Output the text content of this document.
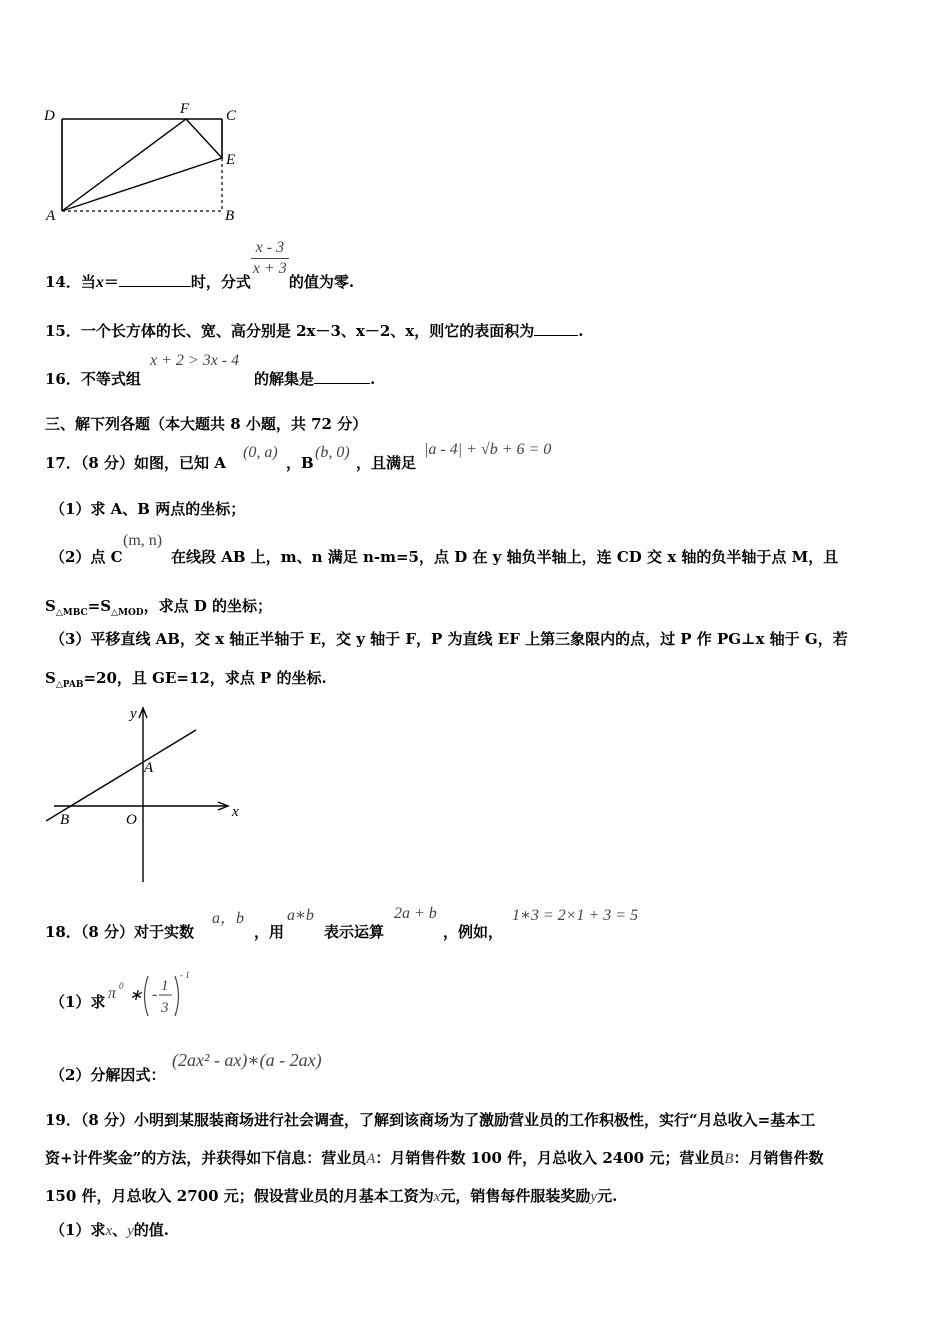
D	F C
E
A	B
14．当x＝	时，分式
$\frac{x - 3}{x + 3}$
的值为零.
15．一个长方体的长、宽、高分别是 2x－3、x－2、x，则它的表面积为	.
16．不等式组
x + 2 > 3x - 4
的解集是	.
三、解下列各题（本大题共 8 小题，共 72 分）
17．（8 分）如图，已知 A
(0, a)
，B
(b, 0)
，且满足
|a - 4| + √b + 6 = 0
（1）求 A、B 两点的坐标；
（2）点 C
(m, n)
在线段 AB 上，m、n 满足 n-m=5，点 D 在 y 轴负半轴上，连 CD 交 x 轴的负半轴于点 M，且
$S_{\triangle MBC}=S_{\triangle MOD}$，求点 D 的坐标；
（3）平移直线 AB，交 x 轴正半轴于 E，交 y 轴于 F，P 为直线 EF 上第三象限内的点，过 P 作 PG⊥x 轴于 G，若
$S_{\triangle PAB}=20$，且 GE=12，求点 P 的坐标.
y
A
x
B	O
18．（8 分）对于实数
a，b
，用
a∗b
表示运算
2a + b
，例如，
1∗3 = 2×1 + 3 = 5
（1）求 π 0
∗ - 1
3
- 1
（2）分解因式：
(2ax² - ax)∗(a - 2ax)
19．（8 分）小明到某服装商场进行社会调查，了解到该商场为了激励营业员的工作积极性，实行“月总收入=基本工
资+计件奖金”的方法，并获得如下信息：营业员A：月销售件数 100 件，月总收入 2400 元；营业员B：月销售件数
150 件，月总收入 2700 元；假设营业员的月基本工资为x元，销售每件服装奖励y元.
（1）求x、y的值.
